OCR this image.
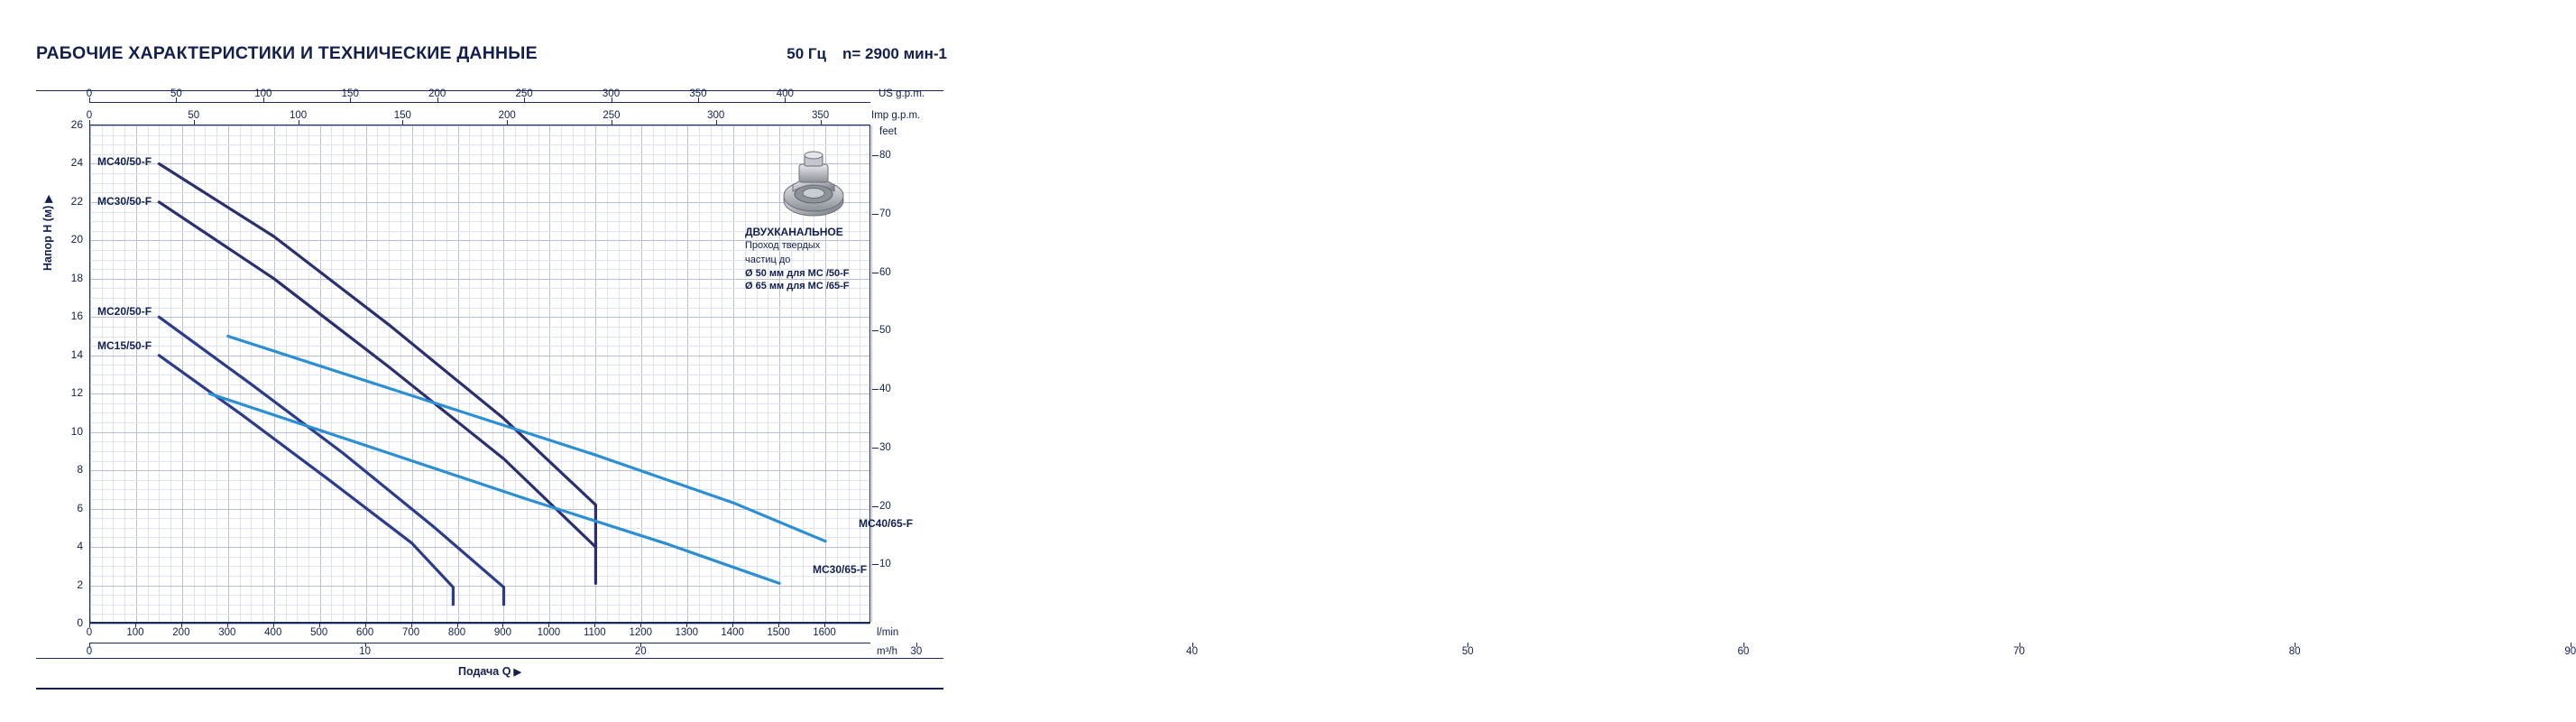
РАБОЧИЕ ХАРАКТЕРИСТИКИ И ТЕХНИЧЕСКИЕ ДАННЫЕ	50 Гц n= 2900 мин-1
0	50	100	150	200	250	300	350	400	US g.p.m.
0	50	100	150	200	250	300	350	Imp g.p.m.
0
2
4
6
8
10
12
14
16
18
20
22
24
26
10
20
30
40
50
60
70
80
feet
Напор H (м) ▶
MC40/50-F
MC30/50-F
MC20/50-F
MC15/50-F
MC40/65-F
MC30/65-F
0	100	200	300	400	500	600	700	800	900 1000 1100 1200 1300 1400 1500 1600	l/min
0	10	20	30	40	50	60	70	80	90
m³/h
Подача Q ▶
ДВУХКАНАЛЬНОЕ
Проход твердых
частиц до
Ø 50 мм для МС /50-F
Ø 65 мм для МС /65-F
